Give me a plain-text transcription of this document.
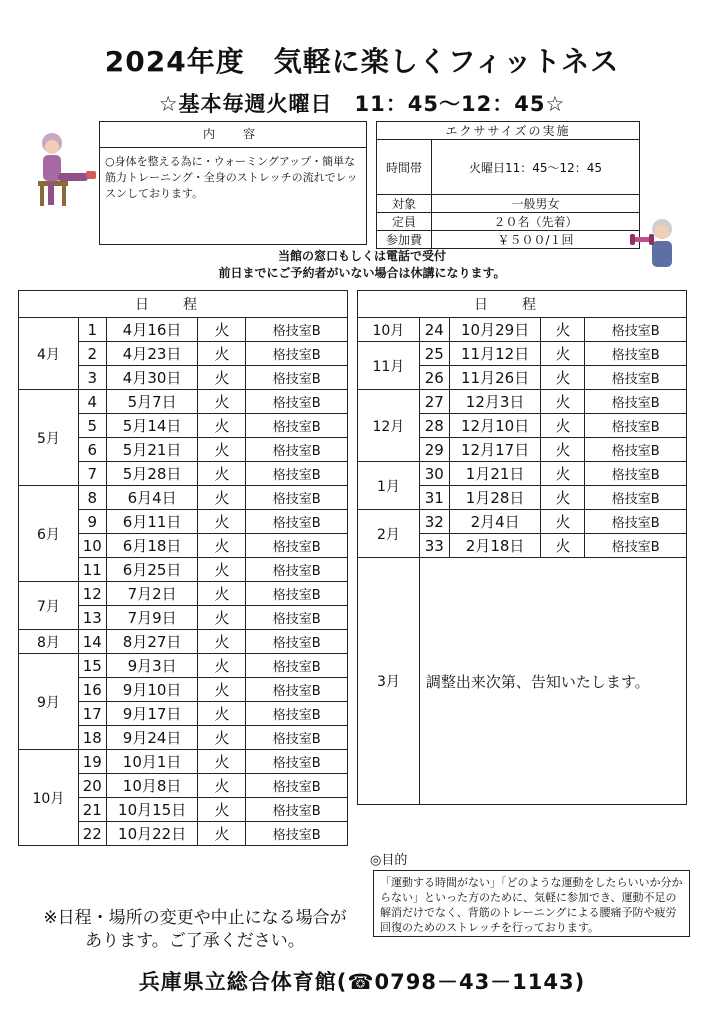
2024年度　気軽に楽しくフィットネス
☆基本毎週火曜日　11：45～12：45☆
内　容
○身体を整える為に・ウォーミングアップ・簡単な筋力トレーニング・全身のストレッチの流れでレッスンしております。
エクササイズの実施	
時間帯	火曜日11：45～12：45
対象	一般男女
定員	２０名（先着）
参加費	￥５００/１回
当館の窓口もしくは電話で受付
前日までにご予約者がいない場合は休講になります。
日程				
4月	1	4月16日	火	格技室B
	2	4月23日	火	格技室B
	3	4月30日	火	格技室B
5月	4	5月7日	火	格技室B
	5	5月14日	火	格技室B
	6	5月21日	火	格技室B
	7	5月28日	火	格技室B
6月	8	6月4日	火	格技室B
	9	6月11日	火	格技室B
	10	6月18日	火	格技室B
	11	6月25日	火	格技室B
7月	12	7月2日	火	格技室B
	13	7月9日	火	格技室B
8月	14	8月27日	火	格技室B
9月	15	9月3日	火	格技室B
	16	9月10日	火	格技室B
	17	9月17日	火	格技室B
	18	9月24日	火	格技室B
10月	19	10月1日	火	格技室B
	20	10月8日	火	格技室B
	21	10月15日	火	格技室B
	22	10月22日	火	格技室B
日程				
10月	24	10月29日	火	格技室B
11月	25	11月12日	火	格技室B
	26	11月26日	火	格技室B
12月	27	12月3日	火	格技室B
	28	12月10日	火	格技室B
	29	12月17日	火	格技室B
1月	30	1月21日	火	格技室B
	31	1月28日	火	格技室B
2月	32	2月4日	火	格技室B
	33	2月18日	火	格技室B
3月	調整出来次第、告知いたします。			
◎目的
「運動する時間がない」「どのような運動をしたらいいか分からない」といった方のために、気軽に参加でき、運動不足の解消だけでなく、背筋のトレーニングによる腰痛予防や疲労回復のためのストレッチを行っております。
※日程・場所の変更や中止になる場合があります。ご了承ください。
兵庫県立総合体育館(☎0798－43－1143)
